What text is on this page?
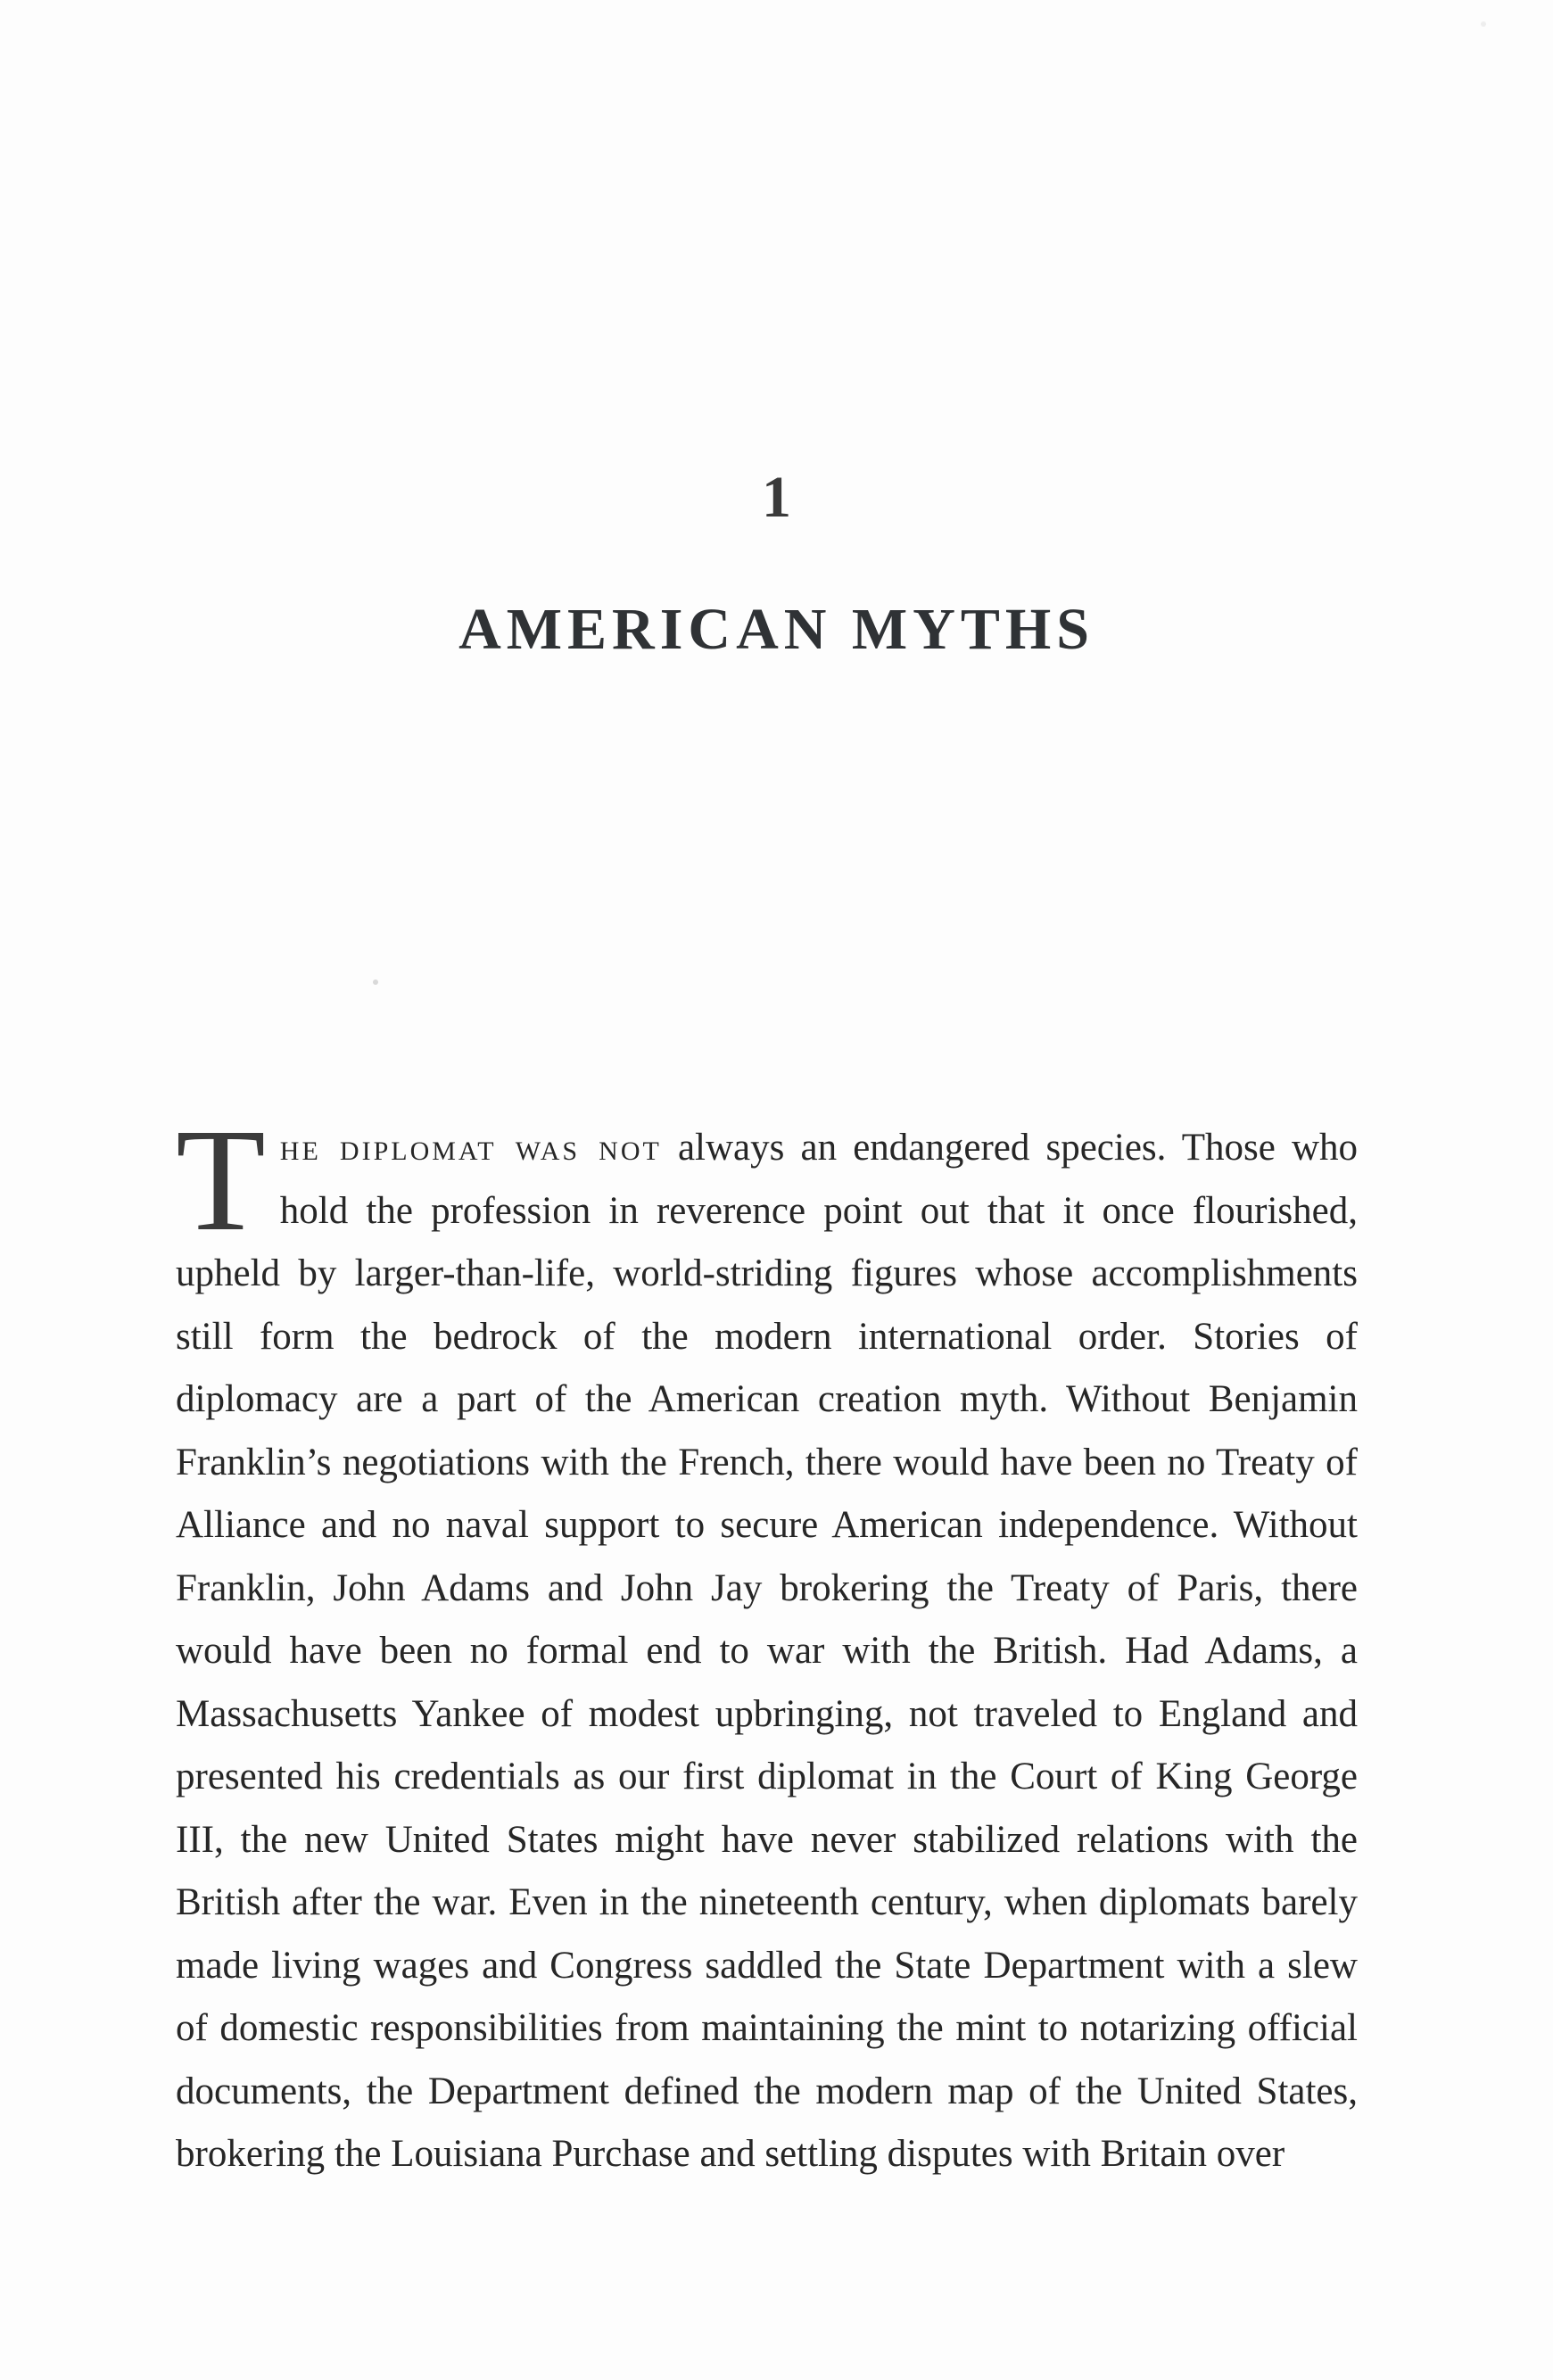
1
AMERICAN MYTHS
The diplomat was not always an endangered species. Those who hold the profession in reverence point out that it once flourished, upheld by larger-than-life, world-striding figures whose accomplishments still form the bedrock of the modern international order. Stories of diplomacy are a part of the American creation myth. Without Benjamin Franklin’s negotiations with the French, there would have been no Treaty of Alliance and no naval support to secure American independence. Without Franklin, John Adams and John Jay brokering the Treaty of Paris, there would have been no formal end to war with the British. Had Adams, a Massachusetts Yankee of modest upbringing, not traveled to England and presented his credentials as our first diplomat in the Court of King George III, the new United States might have never stabilized relations with the British after the war. Even in the nineteenth century, when diplomats barely made living wages and Congress saddled the State Department with a slew of domestic responsibilities from maintaining the mint to notarizing official documents, the Department defined the modern map of the United States, brokering the Louisiana Purchase and settling disputes with Britain over
